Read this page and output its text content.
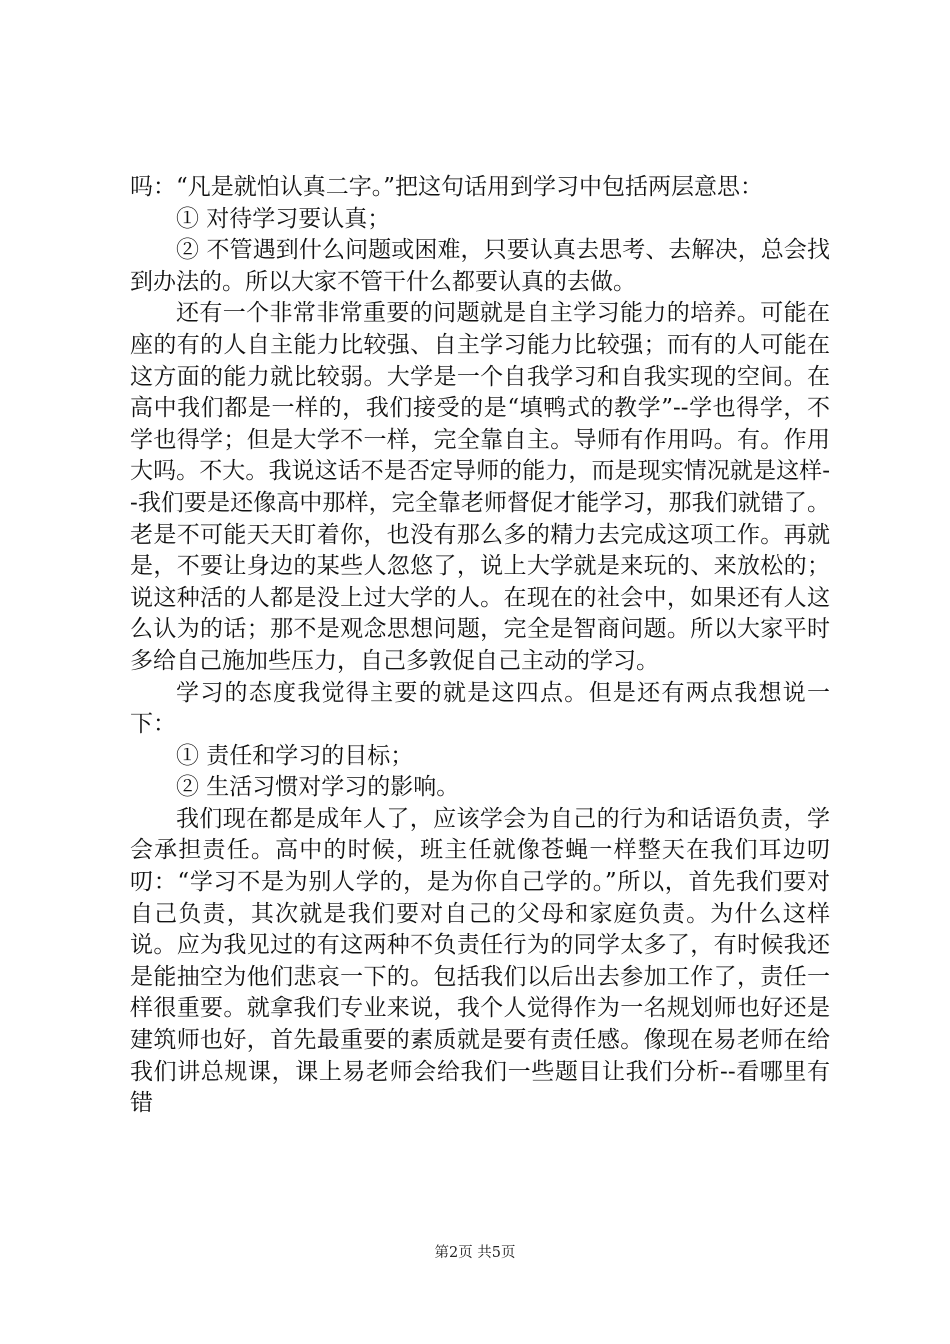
吗：“凡是就怕认真二字。”把这句话用到学习中包括两层意思：

① 对待学习要认真；

② 不管遇到什么问题或困难，只要认真去思考、去解决，总会找到办法的。所以大家不管干什么都要认真的去做。

还有一个非常非常重要的问题就是自主学习能力的培养。可能在座的有的人自主能力比较强、自主学习能力比较强；而有的人可能在这方面的能力就比较弱。大学是一个自我学习和自我实现的空间。在高中我们都是一样的，我们接受的是“填鸭式的教学”--学也得学，不学也得学；但是大学不一样，完全靠自主。导师有作用吗。有。作用大吗。不大。我说这话不是否定导师的能力，而是现实情况就是这样--我们要是还像高中那样，完全靠老师督促才能学习，那我们就错了。老是不可能天天盯着你，也没有那么多的精力去完成这项工作。再就是，不要让身边的某些人忽悠了，说上大学就是来玩的、来放松的；说这种活的人都是没上过大学的人。在现在的社会中，如果还有人这么认为的话；那不是观念思想问题，完全是智商问题。所以大家平时多给自己施加些压力，自己多敦促自己主动的学习。

学习的态度我觉得主要的就是这四点。但是还有两点我想说一下：

① 责任和学习的目标；

② 生活习惯对学习的影响。

我们现在都是成年人了，应该学会为自己的行为和话语负责，学会承担责任。高中的时候，班主任就像苍蝇一样整天在我们耳边叨叨：“学习不是为别人学的，是为你自己学的。”所以，首先我们要对自己负责，其次就是我们要对自己的父母和家庭负责。为什么这样说。应为我见过的有这两种不负责任行为的同学太多了，有时候我还是能抽空为他们悲哀一下的。包括我们以后出去参加工作了，责任一样很重要。就拿我们专业来说，我个人觉得作为一名规划师也好还是建筑师也好，首先最重要的素质就是要有责任感。像现在易老师在给我们讲总规课，课上易老师会给我们一些题目让我们分析--看哪里有错

第2页 共5页
